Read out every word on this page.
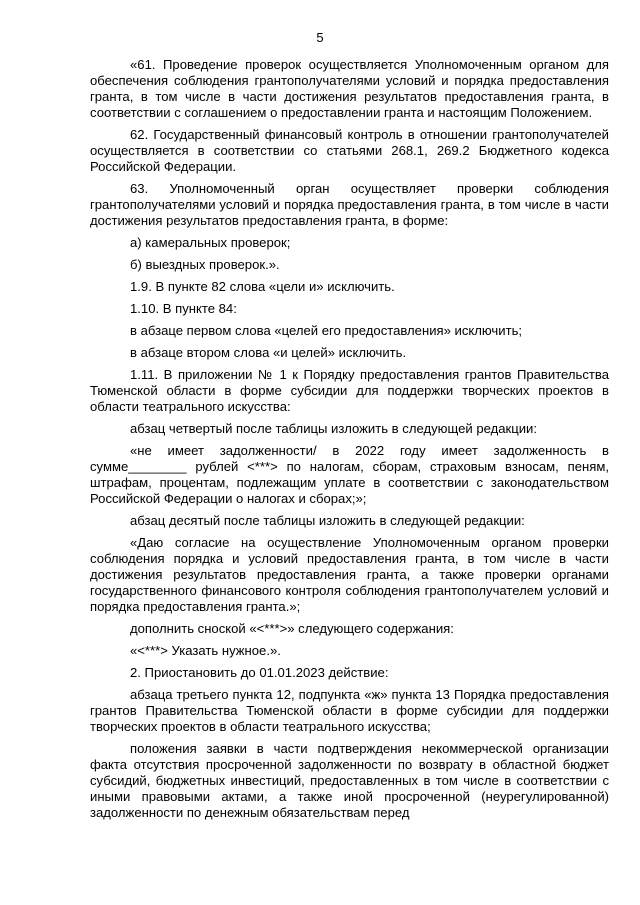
5

«61. Проведение проверок осуществляется Уполномоченным органом для обеспечения соблюдения грантополучателями условий и порядка предоставления гранта, в том числе в части достижения результатов предоставления гранта, в соответствии с соглашением о предоставлении гранта и настоящим Положением.

62. Государственный финансовый контроль в отношении грантополучателей осуществляется в соответствии со статьями 268.1, 269.2 Бюджетного кодекса Российской Федерации.

63. Уполномоченный орган осуществляет проверки соблюдения грантополучателями условий и порядка предоставления гранта, в том числе в части достижения результатов предоставления гранта, в форме:

а) камеральных проверок;

б) выездных проверок.».

1.9. В пункте 82 слова «цели и» исключить.

1.10. В пункте 84:

в абзаце первом слова «целей его предоставления» исключить;

в абзаце втором слова «и целей» исключить.

1.11. В приложении № 1 к Порядку предоставления грантов Правительства Тюменской области в форме субсидии для поддержки творческих проектов в области театрального искусства:

абзац четвертый после таблицы изложить в следующей редакции:

«не имеет задолженности/ в 2022 году имеет задолженность в сумме________ рублей <***> по налогам, сборам, страховым взносам, пеням, штрафам, процентам, подлежащим уплате в соответствии с законодательством Российской Федерации о налогах и сборах;»;

абзац десятый после таблицы изложить в следующей редакции:

«Даю согласие на осуществление Уполномоченным органом проверки соблюдения порядка и условий предоставления гранта, в том числе в части достижения результатов предоставления гранта, а также проверки органами государственного финансового контроля соблюдения грантополучателем условий и порядка предоставления гранта.»;

дополнить сноской «<***>» следующего содержания:

«<***> Указать нужное.».

2. Приостановить до 01.01.2023 действие:

абзаца третьего пункта 12, подпункта «ж» пункта 13 Порядка предоставления грантов Правительства Тюменской области в форме субсидии для поддержки творческих проектов в области театрального искусства;

положения заявки в части подтверждения некоммерческой организации факта отсутствия просроченной задолженности по возврату в областной бюджет субсидий, бюджетных инвестиций, предоставленных в том числе в соответствии с иными правовыми актами, а также иной просроченной (неурегулированной) задолженности по денежным обязательствам перед
